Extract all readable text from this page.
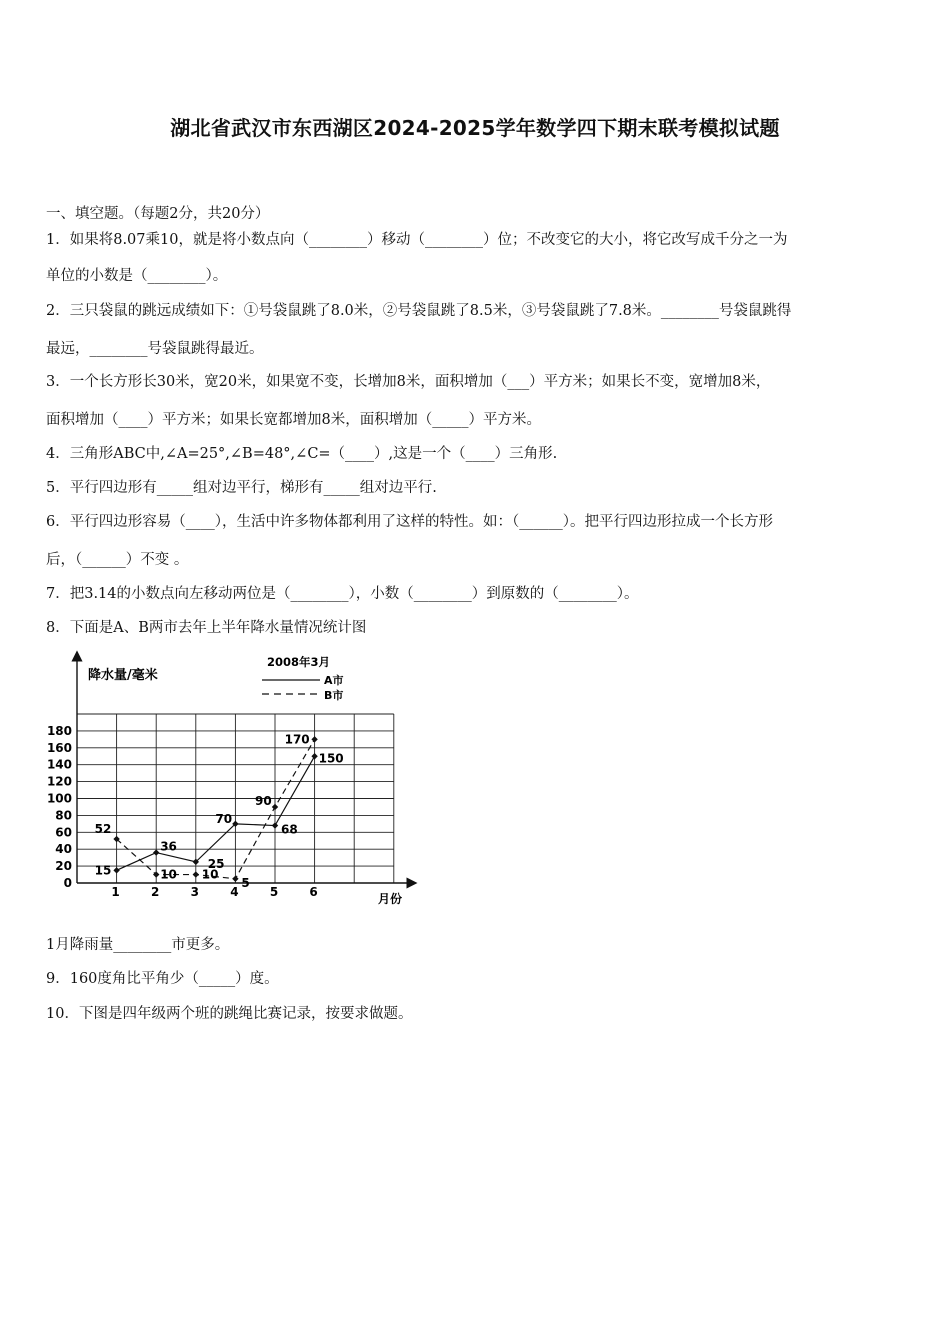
湖北省武汉市东西湖区2024-2025学年数学四下期末联考模拟试题
一、填空题。（每题2分，共20分）
1．如果将8.07乘10，就是将小数点向（________）移动（________）位；不改变它的大小，将它改写成千分之一为
单位的小数是（________）。
2．三只袋鼠的跳远成绩如下：①号袋鼠跳了8.0米，②号袋鼠跳了8.5米，③号袋鼠跳了7.8米。________号袋鼠跳得
最远，________号袋鼠跳得最近。
3．一个长方形长30米，宽20米，如果宽不变，长增加8米，面积增加（___）平方米；如果长不变，宽增加8米，
面积增加（____）平方米；如果长宽都增加8米，面积增加（_____）平方米。
4．三角形ABC中,∠A=25°,∠B=48°,∠C=（____）,这是一个（____）三角形.
5．平行四边形有_____组对边平行，梯形有_____组对边平行.
6．平行四边形容易（____），生活中许多物体都利用了这样的特性。如：（______）。把平行四边形拉成一个长方形
后，（______）不变 。
7．把3.14的小数点向左移动两位是（________），小数（________）到原数的（________）。
8．下面是A、B两市去年上半年降水量情况统计图
降水量/毫米
月份
2008年3月
A市
B市
0
20
40
60
80
100
120
140
160
180
1	2	3	4	5	6
52
15
36
10 10
25
70
5
90
68
170
150
1月降雨量________市更多。
9．160度角比平角少（_____）度。
10．下图是四年级两个班的跳绳比赛记录，按要求做题。
